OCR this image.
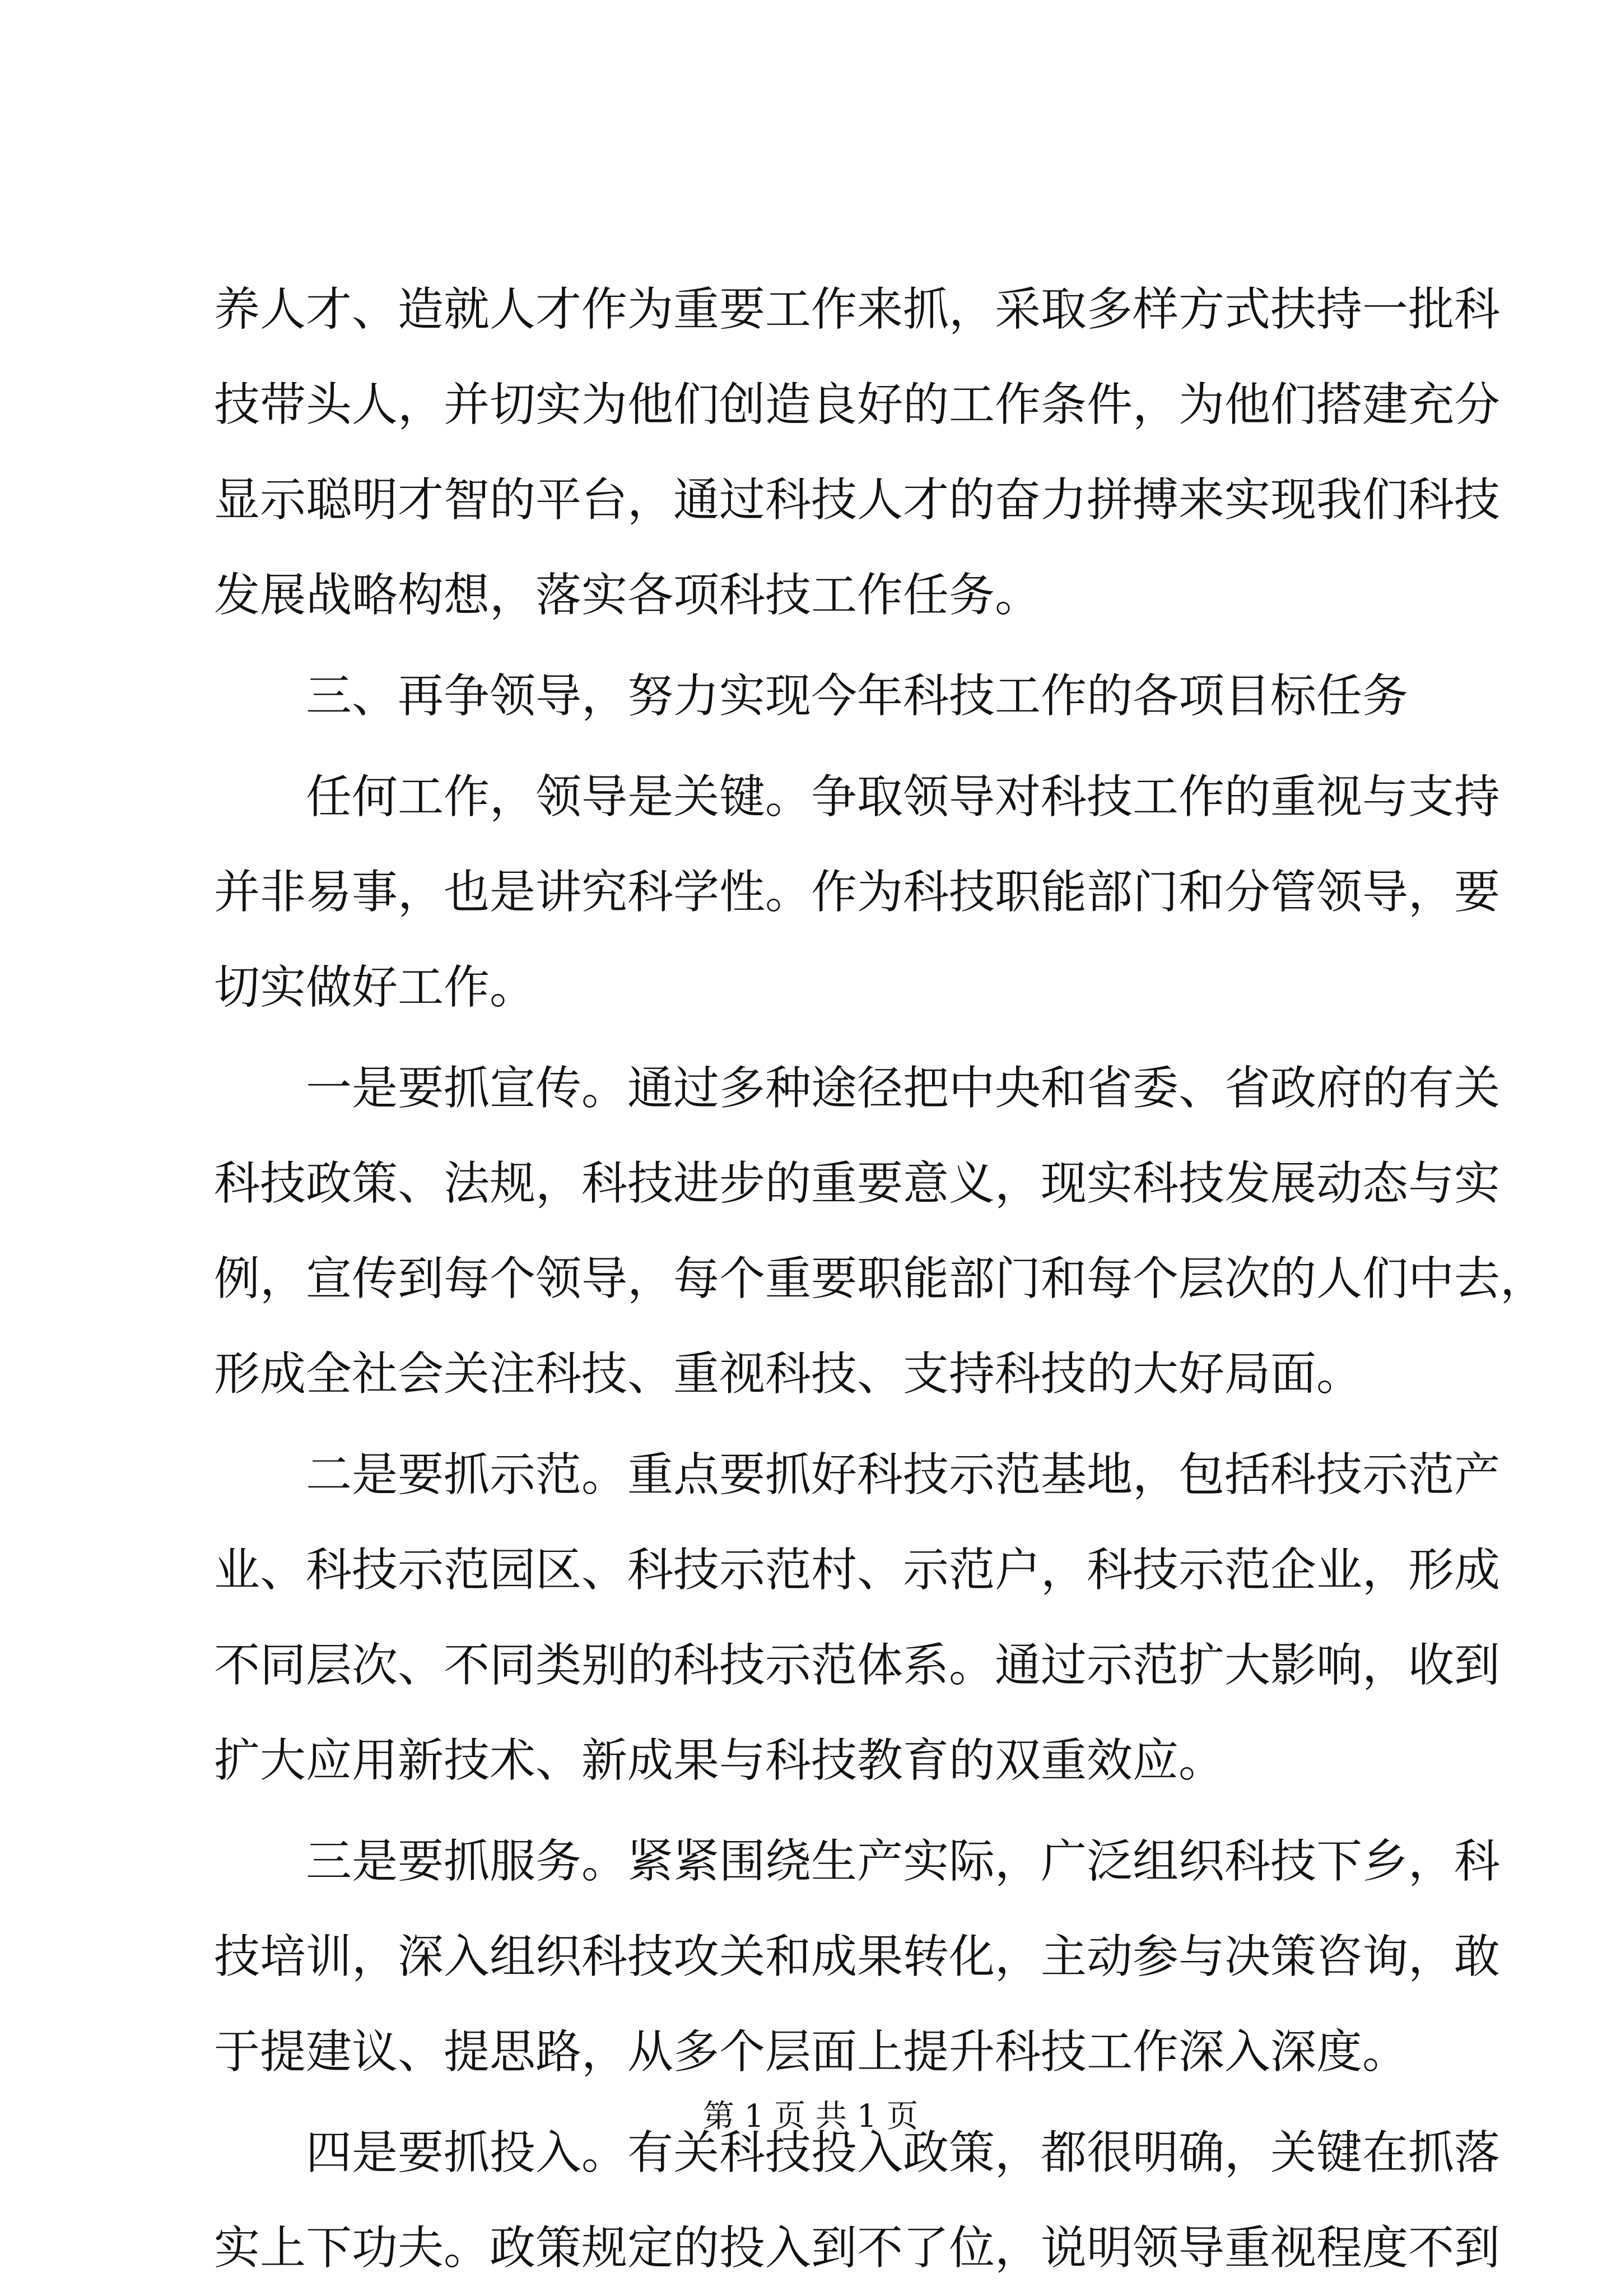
养人才、造就人才作为重要工作来抓，采取多样方式扶持一批科
技带头人，并切实为他们创造良好的工作条件，为他们搭建充分
显示聪明才智的平台，通过科技人才的奋力拼搏来实现我们科技
发展战略构想，落实各项科技工作任务。
三、再争领导，努力实现今年科技工作的各项目标任务
任何工作，领导是关键。争取领导对科技工作的重视与支持
并非易事，也是讲究科学性。作为科技职能部门和分管领导，要
切实做好工作。
一是要抓宣传。通过多种途径把中央和省委、省政府的有关
科技政策、法规，科技进步的重要意义，现实科技发展动态与实
例，宣传到每个领导，每个重要职能部门和每个层次的人们中去，
形成全社会关注科技、重视科技、支持科技的大好局面。
二是要抓示范。重点要抓好科技示范基地，包括科技示范产
业、科技示范园区、科技示范村、示范户，科技示范企业，形成
不同层次、不同类别的科技示范体系。通过示范扩大影响，收到
扩大应用新技术、新成果与科技教育的双重效应。
三是要抓服务。紧紧围绕生产实际，广泛组织科技下乡，科
技培训，深入组织科技攻关和成果转化，主动参与决策咨询，敢
于提建议、提思路，从多个层面上提升科技工作深入深度。
四是要抓投入。有关科技投入政策，都很明确，关键在抓落
实上下功夫。政策规定的投入到不了位，说明领导重视程度不到
第 1 页 共 1 页
